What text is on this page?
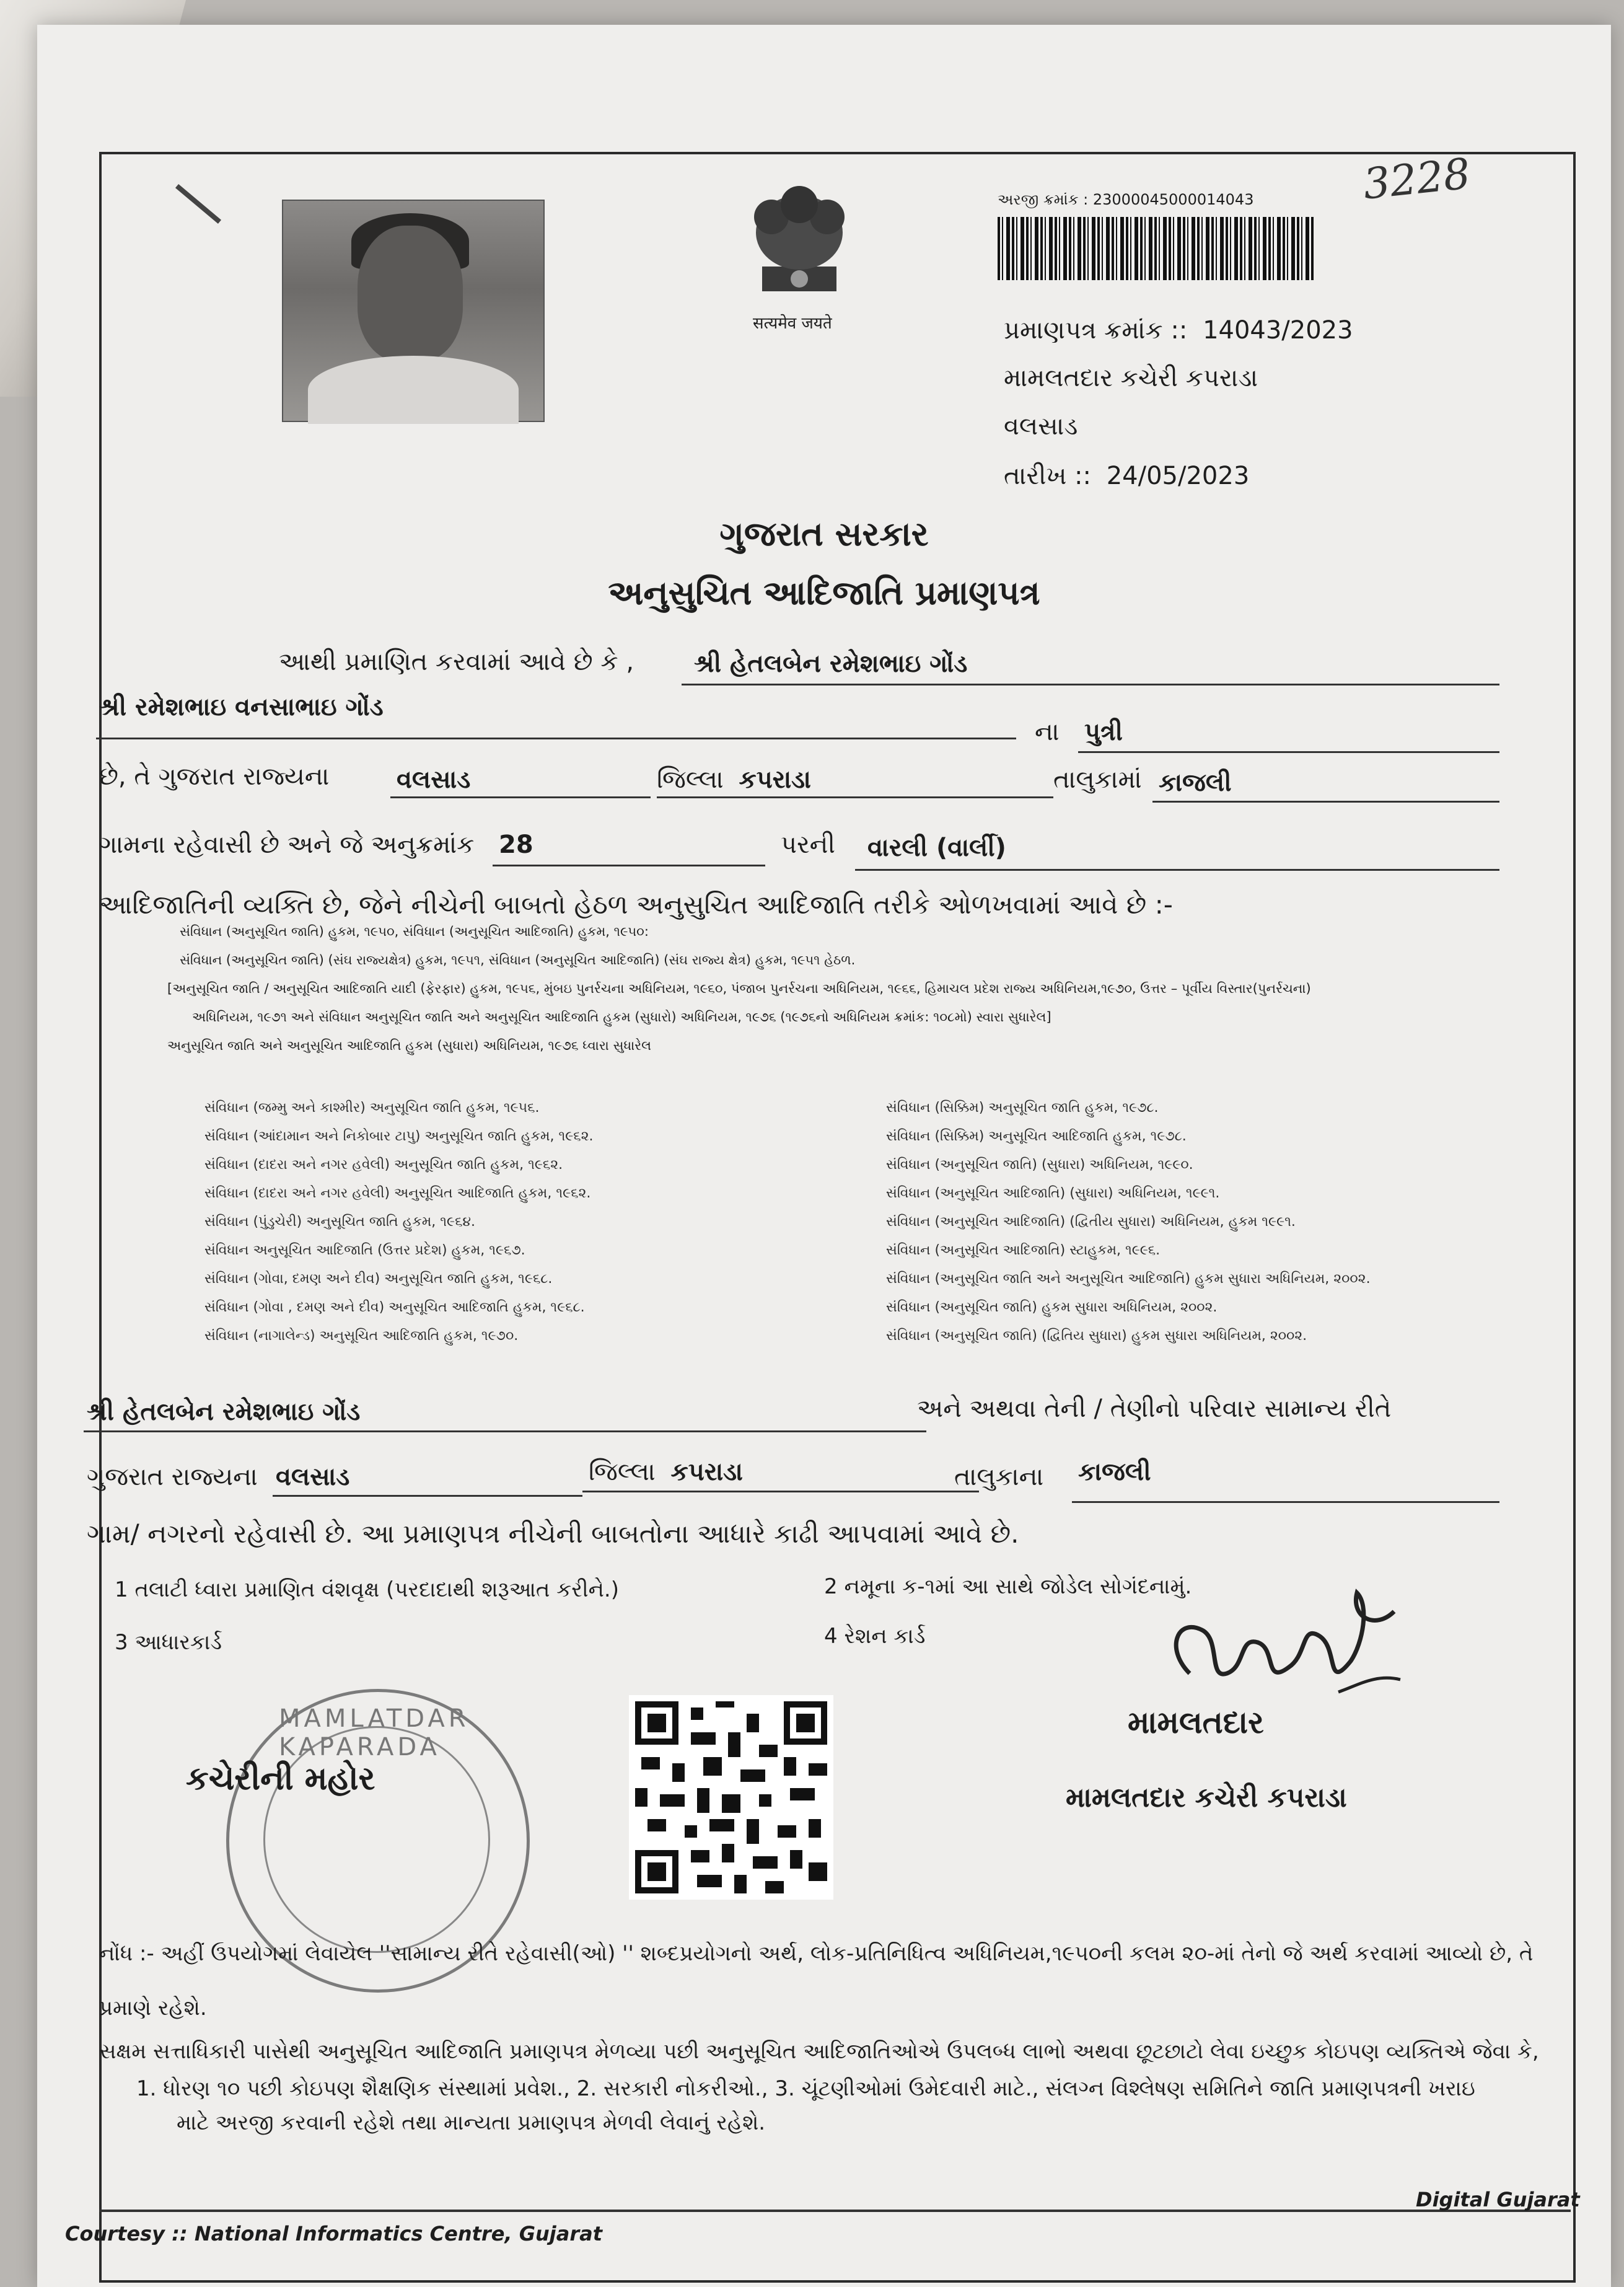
3228
सत्यमेव जयते
અરજી ક્રમાંક : 2300004500001404​3
પ્રમાણપત્ર ક્રમાંક :: 14043/2023
મામલતદાર કચેરી કપરાડા
વલસાડ
તારીખ :: 24/05/2023
ગુજરાત સરકાર
અનુસુચિત આદિજાતિ પ્રમાણપત્ર
આથી પ્રમાણિત કરવામાં આવે છે કે , શ્રી હેતલબેન રમેશભાઇ ગોંડ
શ્રી રમેશભાઇ વનસાભાઇ ગોંડ
ના પુત્રી
છે, તે ગુજરાત રાજ્યના	વલસાડ	જિલ્લા કપરાડા	તાલુકામાં કાજલી
ગામના રહેવાસી છે અને જે અનુક્રમાંક 28	પરની વારલી (વાર્લી)
આદિજાતિની વ્યક્તિ છે, જેને નીચેની બાબતો હેઠળ અનુસુચિત આદિજાતિ તરીકે ઓળખવામાં આવે છે :-
સંવિધાન (અનુસૂચિત જાતિ) હુકમ, ૧૯૫૦, સંવિધાન (અનુસૂચિત આદિજાતિ) હુકમ, ૧૯૫૦:
સંવિધાન (અનુસૂચિત જાતિ) (સંઘ રાજ્યક્ષેત્ર) હુકમ, ૧૯૫૧, સંવિધાન (અનુસૂચિત આદિજાતિ) (સંઘ રાજ્ય ક્ષેત્ર) હુકમ, ૧૯૫૧ હેઠળ.
[અનુસૂચિત જાતિ / અનુસૂચિત આદિજાતિ યાદી (ફેરફાર) હુકમ, ૧૯૫૬, મુંબઇ પુનર્રચના અધિનિયમ, ૧૯૬૦, પંજાબ પુનર્રચના અધિનિયમ, ૧૯૬૬, હિમાચલ પ્રદેશ રાજ્ય અધિનિયમ,૧૯૭૦, ઉત્તર – પૂર્વીય વિસ્તાર(પુનર્રચના)
અધિનિયમ, ૧૯૭૧ અને સંવિધાન અનુસૂચિત જાતિ અને અનુસૂચિત આદિજાતિ હુકમ (સુધારો) અધિનિયમ, ૧૯૭૬ (૧૯૭૬નો અધિનિયમ ક્રમાંક: ૧૦૮મો) સ્વારા સુધારેલ]
અનુસૂચિત જાતિ અને અનુસૂચિત આદિજાતિ હુકમ (સુધારા) અધિનિયમ, ૧૯૭૬ ધ્વારા સુધારેલ
સંવિધાન (જમ્મુ અને કાશ્મીર) અનુસૂચિત જાતિ હુકમ, ૧૯૫૬.
સંવિધાન (આંદામાન અને નિકોબાર ટાપુ) અનુસૂચિત જાતિ હુકમ, ૧૯૬૨.
સંવિધાન (દાદરા અને નગર હવેલી) અનુસૂચિત જાતિ હુકમ, ૧૯૬૨.
સંવિધાન (દાદરા અને નગર હવેલી) અનુસૂચિત આદિજાતિ હુકમ, ૧૯૬૨.
સંવિધાન (પુંડુચેરી) અનુસૂચિત જાતિ હુકમ, ૧૯૬૪.
સંવિધાન અનુસૂચિત આદિજાતિ (ઉત્તર પ્રદેશ) હુકમ, ૧૯૬૭.
સંવિધાન (ગોવા, દમણ અને દીવ) અનુસૂચિત જાતિ હુકમ, ૧૯૬૮.
સંવિધાન (ગોવા , દમણ અને દીવ) અનુસૂચિત આદિજાતિ હુકમ, ૧૯૬૮.
સંવિધાન (નાગાલેન્ડ) અનુસૂચિત આદિજાતિ હુકમ, ૧૯૭૦.
સંવિધાન (સિક્કિમ) અનુસૂચિત જાતિ હુકમ, ૧૯૭૮.
સંવિધાન (સિક્કિમ) અનુસૂચિત આદિજાતિ હુકમ, ૧૯૭૮.
સંવિધાન (અનુસૂચિત જાતિ) (સુધારા) અધિનિયમ, ૧૯૯૦.
સંવિધાન (અનુસૂચિત આદિજાતિ) (સુધારા) અધિનિયમ, ૧૯૯૧.
સંવિધાન (અનુસૂચિત આદિજાતિ) (દ્વિતીય સુધારા) અધિનિયમ, હુકમ ૧૯૯૧.
સંવિધાન (અનુસૂચિત આદિજાતિ) સ્ટાહુકમ, ૧૯૯૬.
સંવિધાન (અનુસૂચિત જાતિ અને અનુસૂચિત આદિજાતિ) હુકમ સુધારા અધિનિયમ, ૨૦૦૨.
સંવિધાન (અનુસૂચિત જાતિ) હુકમ સુધારા અધિનિયમ, ૨૦૦૨.
સંવિધાન (અનુસૂચિત જાતિ) (દ્વિતિય સુધારા) હુકમ સુધારા અધિનિયમ, ૨૦૦૨.
શ્રી હેતલબેન રમેશભાઇ ગોંડ	અને અથવા તેની / તેણીનો પરિવાર સામાન્ય રીતે
ગુજરાત રાજ્યના વલસાડ	જિલ્લા કપરાડા	તાલુકાના કાજલી
ગામ/ નગરનો રહેવાસી છે. આ પ્રમાણપત્ર નીચેની બાબતોના આધારે કાઢી આપવામાં આવે છે.
1 તલાટી ધ્વારા પ્રમાણિત વંશવૃક્ષ (પરદાદાથી શરૂઆત કરીને.)	2 નમૂના ક-૧માં આ સાથે જોડેલ સોગંદનામું.
3 આધારકાર્ડ	4 રેશન કાર્ડ
MAMLATDAR KAPARADA
કચેરીની મહોર
મામલતદાર
મામલતદાર કચેરી કપરાડા
નોંધ :- અહીં ઉપયોગમાં લેવાયેલ ''સામાન્ય રીતે રહેવાસી(ઓ) '' શબ્દપ્રયોગનો અર્થ, લોક-પ્રતિનિધિત્વ અધિનિયમ,૧૯૫૦ની કલમ ૨૦-માં તેનો જે અર્થ કરવામાં આવ્યો છે, તે
પ્રમાણે રહેશે.
સક્ષમ સત્તાધિકારી પાસેથી અનુસૂચિત આદિજાતિ પ્રમાણપત્ર મેળવ્યા પછી અનુસૂચિત આદિજાતિઓએ ઉપલબ્ધ લાભો અથવા છૂટછાટો લેવા ઇચ્છુક કોઇપણ વ્યક્તિએ જેવા કે,
1. ધોરણ ૧૦ પછી કોઇપણ શૈક્ષણિક સંસ્થામાં પ્રવેશ., 2. સરકારી નોકરીઓ., 3. ચૂંટણીઓમાં ઉમેદવારી માટે., સંલગ્ન વિશ્લેષણ સમિતિને જાતિ પ્રમાણપત્રની ખરાઇ
માટે અરજી કરવાની રહેશે તથા માન્યતા પ્રમાણપત્ર મેળવી લેવાનું રહેશે.
Courtesy :: National Informatics Centre, Gujarat
Digital Gujarat
